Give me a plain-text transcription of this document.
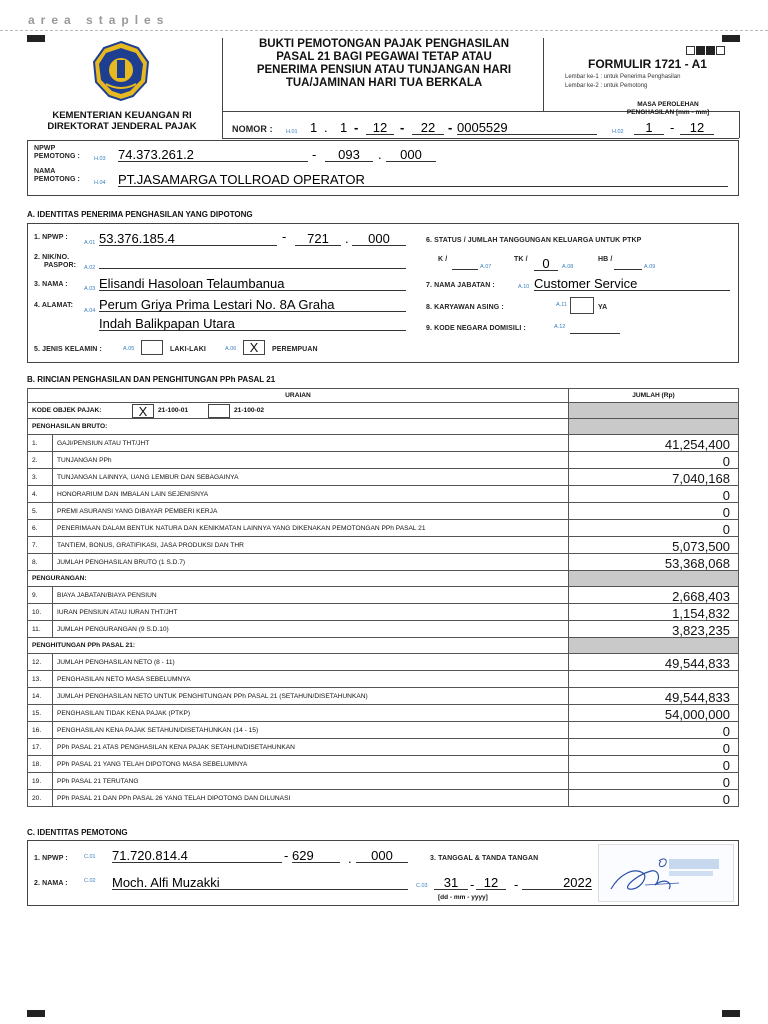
area staples
KEMENTERIAN KEUANGAN RI
DIREKTORAT JENDERAL PAJAK
BUKTI PEMOTONGAN PAJAK PENGHASILAN
PASAL 21 BAGI PEGAWAI TETAP ATAU
PENERIMA PENSIUN ATAU TUNJANGAN HARI
TUA/JAMINAN HARI TUA BERKALA
FORMULIR 1721 - A1
Lembar ke-1 : untuk Penerima Penghasilan
Lembar ke-2 : untuk Pemotong
MASA PEROLEHAN
PENGHASILAN [mm - mm]
NOMOR : H.01 1 . 1 -	12 -	22 - 0005529	H.02	1	-	12
NPWP
PEMOTONG :	H.03 74.373.261.2	-	093	.	000
NAMA
PEMOTONG :	H.04 PT.JASAMARGA TOLLROAD OPERATOR
A. IDENTITAS PENERIMA PENGHASILAN YANG DIPOTONG
1. NPWP :
A.01 53.376.185.4	-	721	.	000
2. NIK/NO.
PASPOR: A.02
3. NAMA :
A.03 Elisandi Hasoloan Telaumbanua
4. ALAMAT:
A.04 Perum Griya Prima Lestari No. 8A Graha
Indah Balikpapan Utara
5. JENIS KELAMIN :	A.05	LAKI-LAKI	A.06	X	PEREMPUAN
6. STATUS / JUMLAH TANGGUNGAN KELUARGA UNTUK PTKP
K /
A.07
TK /	0	A.08
HB /
A.09
7. NAMA JABATAN :	A.10 Customer Service
8. KARYAWAN ASING :	A.11	YA
9. KODE NEGARA DOMISILI :	A.12
B. RINCIAN PENGHASILAN DAN PENGHITUNGAN PPh PASAL 21
URAIAN		JUMLAH (Rp)
KODE OBJEK PAJAK: X 21-100-01 21-100-02		

PENGHASILAN BRUTO:		
1.	GAJI/PENSIUN ATAU THT/JHT	41,254,400
2.	TUNJANGAN PPh	0
3.	TUNJANGAN LAINNYA, UANG LEMBUR DAN SEBAGAINYA	7,040,168
4.	HONORARIUM DAN IMBALAN LAIN SEJENISNYA	0
5.	PREMI ASURANSI YANG DIBAYAR PEMBERI KERJA	0
6.	PENERIMAAN DALAM BENTUK NATURA DAN KENIKMATAN LAINNYA YANG DIKENAKAN PEMOTONGAN PPh PASAL 21	0
7.	TANTIEM, BONUS, GRATIFIKASI, JASA PRODUKSI DAN THR	5,073,500
8.	JUMLAH PENGHASILAN BRUTO (1 S.D.7)	53,368,068
PENGURANGAN:		
9.	BIAYA JABATAN/BIAYA PENSIUN	2,668,403
10.	IURAN PENSIUN ATAU IURAN THT/JHT	1,154,832
11.	JUMLAH PENGURANGAN (9 S.D.10)	3,823,235
PENGHITUNGAN PPh PASAL 21:		
12.	JUMLAH PENGHASILAN NETO (8 - 11)	49,544,833
13.	PENGHASILAN NETO MASA SEBELUMNYA	
14.	JUMLAH PENGHASILAN NETO UNTUK PENGHITUNGAN PPh PASAL 21 (SETAHUN/DISETAHUNKAN)	49,544,833
15.	PENGHASILAN TIDAK KENA PAJAK (PTKP)	54,000,000
16.	PENGHASILAN KENA PAJAK SETAHUN/DISETAHUNKAN (14 - 15)	0
17.	PPh PASAL 21 ATAS PENGHASILAN KENA PAJAK SETAHUN/DISETAHUNKAN	0
18.	PPh PASAL 21 YANG TELAH DIPOTONG MASA SEBELUMNYA	0
19.	PPh PASAL 21 TERUTANG	0
20.	PPh PASAL 21 DAN PPh PASAL 26 YANG TELAH DIPOTONG DAN DILUNASI	0
C. IDENTITAS PEMOTONG
1. NPWP :	C.01 71.720.814.4	- 629	.	000
2. NAMA :	C.02 Moch. Alfi Muzakki
3. TANGGAL & TANDA TANGAN
C.03	31 - 12	-	2022
[dd - mm - yyyy]
